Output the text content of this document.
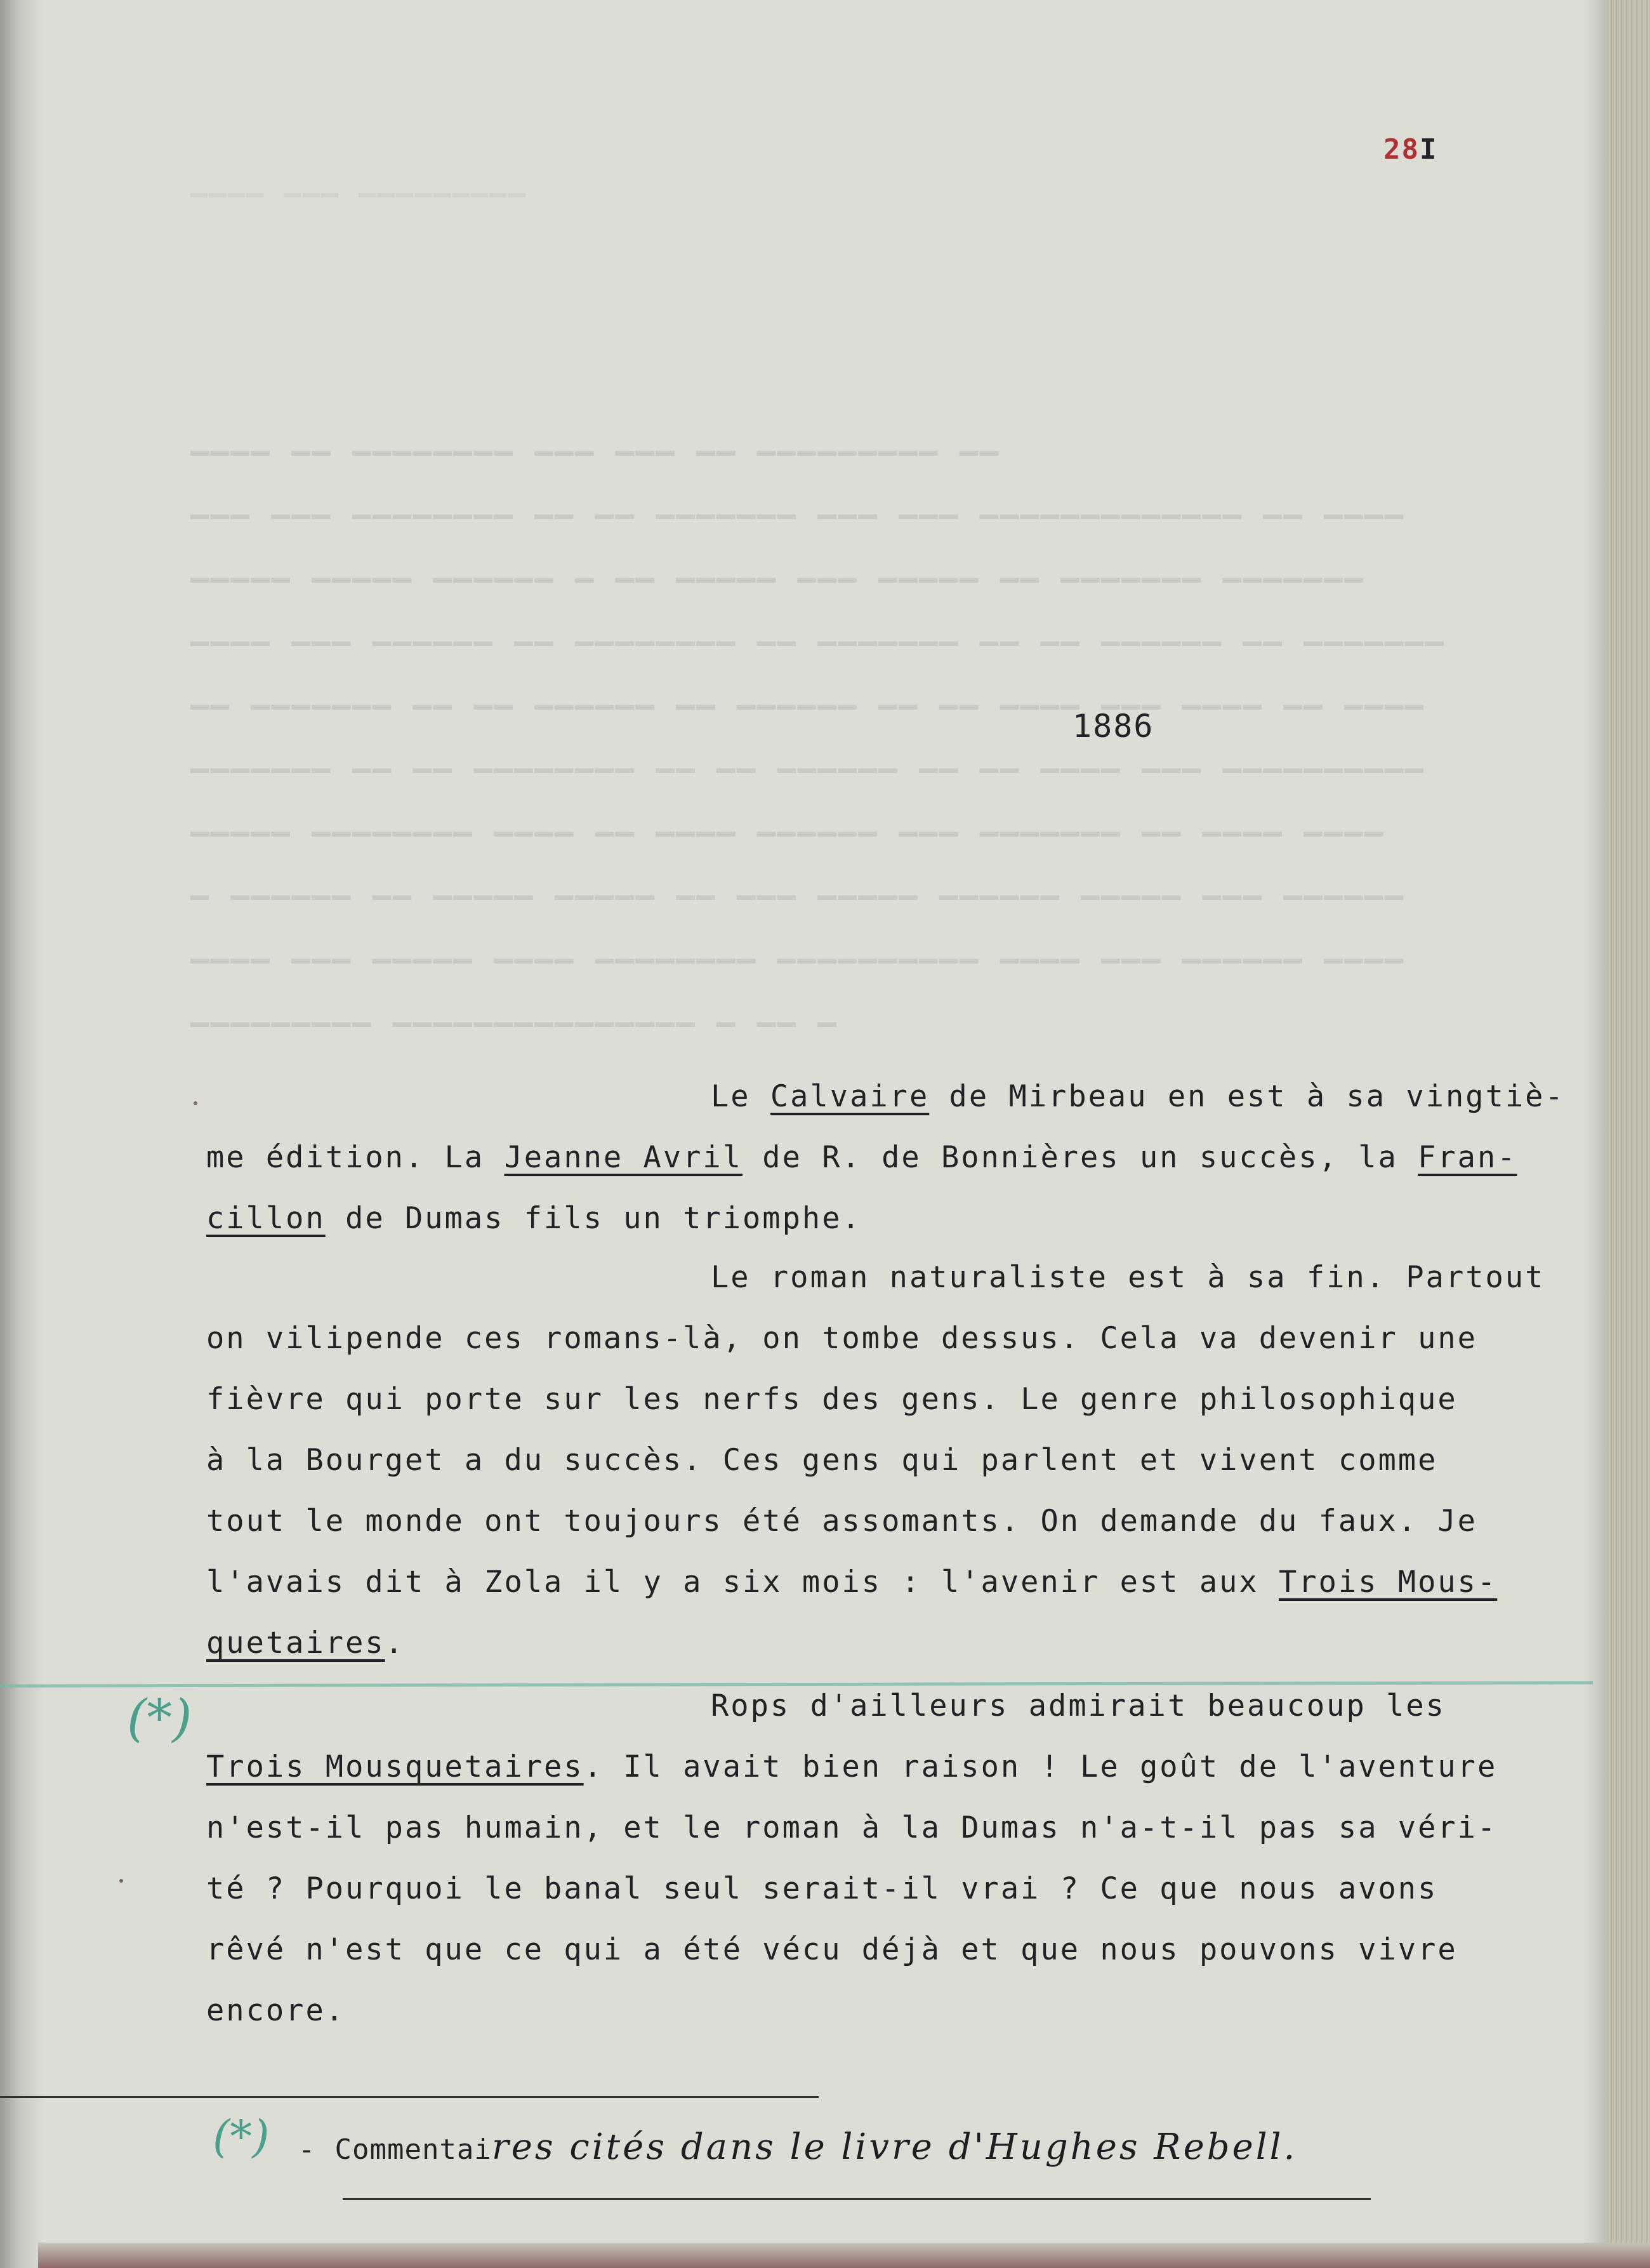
28I
▁▁▁▁ ▁▁▁ ▁▁▁▁▁▁▁▁▁

▁▁▁▁ ▁▁ ▁▁▁▁▁▁▁▁ ▁▁▁ ▁▁▁ ▁▁ ▁▁▁▁▁▁▁▁▁ ▁▁

▁▁▁ ▁▁▁ ▁▁▁▁▁▁▁▁ ▁▁ ▁▁ ▁▁▁▁▁▁▁ ▁▁▁ ▁▁▁ ▁▁▁▁▁▁▁▁▁▁▁▁▁ ▁▁ ▁▁▁▁

▁▁▁▁▁ ▁▁▁▁▁ ▁▁▁▁▁▁ ▁ ▁▁ ▁▁▁▁▁ ▁▁▁ ▁▁▁▁▁ ▁▁ ▁▁▁▁▁▁▁ ▁▁▁▁▁▁▁

▁▁▁▁ ▁▁▁ ▁▁▁▁▁▁ ▁▁ ▁▁▁▁▁▁▁▁ ▁▁ ▁▁▁▁▁▁▁ ▁▁ ▁▁ ▁▁▁▁▁▁ ▁▁ ▁▁▁▁▁▁▁

▁▁ ▁▁▁▁▁▁▁ ▁▁ ▁▁ ▁▁▁▁▁▁ ▁▁ ▁▁▁▁▁▁ ▁▁ ▁▁ ▁▁▁▁ ▁▁▁ ▁▁▁▁ ▁▁ ▁▁▁▁

▁▁▁▁▁▁▁ ▁▁ ▁▁ ▁▁▁▁▁▁▁▁ ▁▁ ▁▁ ▁▁▁▁▁▁ ▁▁ ▁▁ ▁▁▁▁ ▁▁▁ ▁▁▁▁▁▁▁▁▁▁

▁▁▁▁▁ ▁▁▁▁▁▁▁▁ ▁▁▁▁ ▁▁ ▁▁▁▁ ▁▁▁▁▁▁ ▁▁▁ ▁▁▁▁▁▁▁ ▁▁ ▁▁▁▁ ▁▁▁▁

▁ ▁▁▁▁▁▁ ▁▁ ▁▁▁▁▁ ▁▁▁▁▁ ▁▁ ▁▁▁ ▁▁▁▁▁ ▁▁▁▁▁▁ ▁▁▁▁▁ ▁▁▁ ▁▁▁▁▁▁

▁▁▁▁ ▁▁▁ ▁▁▁▁▁ ▁▁▁▁ ▁▁▁▁▁▁▁▁ ▁▁▁▁▁▁▁▁▁▁ ▁▁▁▁ ▁▁▁ ▁▁▁▁▁▁ ▁▁▁▁

▁▁▁▁▁▁▁▁▁ ▁▁▁▁▁▁▁▁▁▁▁▁▁▁▁ ▁ ▁▁ ▁

1886
Le Calvaire de Mirbeau en est à sa vingtiè-
me édition. La Jeanne Avril de R. de Bonnières un succès, la Fran-
cillon de Dumas fils un triomphe.
Le roman naturaliste est à sa fin. Partout
on vilipende ces romans-là, on tombe dessus. Cela va devenir une
fièvre qui porte sur les nerfs des gens. Le genre philosophique
à la Bourget a du succès. Ces gens qui parlent et vivent comme
tout le monde ont toujours été assomants. On demande du faux. Je
l'avais dit à Zola il y a six mois : l'avenir est aux Trois Mous-
quetaires.
(*)	Rops d'ailleurs admirait beaucoup les
Trois Mousquetaires. Il avait bien raison ! Le goût de l'aventure
n'est-il pas humain, et le roman à la Dumas n'a-t-il pas sa véri-
té ? Pourquoi le banal seul serait-il vrai ? Ce que nous avons
rêvé n'est que ce qui a été vécu déjà et que nous pouvons vivre
encore.
(*) - Commentaires cités dans le livre d'Hughes Rebell.
